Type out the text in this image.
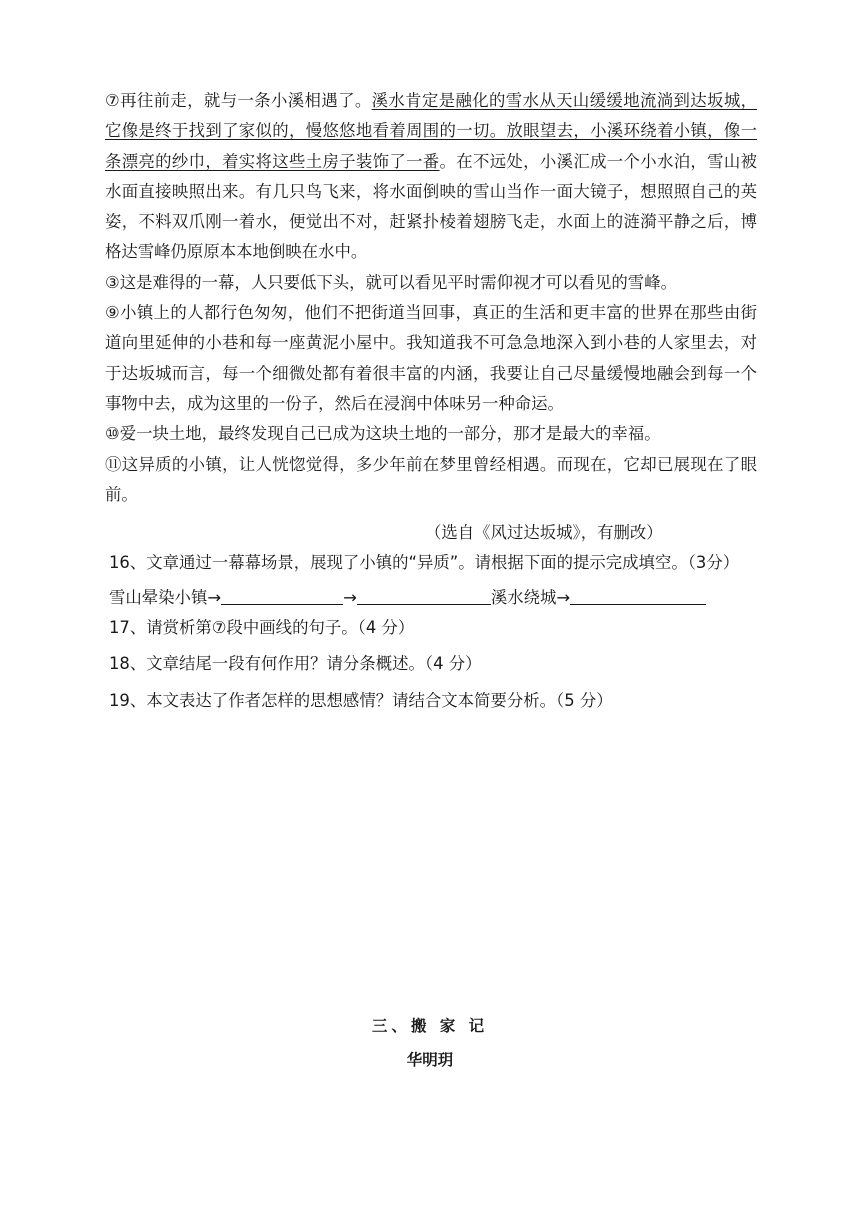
⑦再往前走，就与一条小溪相遇了。溪水肯定是融化的雪水从天山缓缓地流淌到达坂城，它像是终于找到了家似的，慢悠悠地看着周围的一切。放眼望去，小溪环绕着小镇，像一条漂亮的纱巾，着实将这些土房子装饰了一番。在不远处，小溪汇成一个小水泊，雪山被水面直接映照出来。有几只鸟飞来，将水面倒映的雪山当作一面大镜子，想照照自己的英姿，不料双爪刚一着水，便觉出不对，赶紧扑棱着翅膀飞走，水面上的涟漪平静之后，博格达雪峰仍原原本本地倒映在水中。

③这是难得的一幕，人只要低下头，就可以看见平时需仰视才可以看见的雪峰。

⑨小镇上的人都行色匆匆，他们不把街道当回事，真正的生活和更丰富的世界在那些由街道向里延伸的小巷和每一座黄泥小屋中。我知道我不可急急地深入到小巷的人家里去，对于达坂城而言，每一个细微处都有着很丰富的内涵，我要让自己尽量缓慢地融会到每一个事物中去，成为这里的一份子，然后在浸润中体味另一种命运。

⑩爱一块土地，最终发现自己已成为这块土地的一部分，那才是最大的幸福。

⑪这异质的小镇，让人恍惚觉得，多少年前在梦里曾经相遇。而现在，它却已展现在了眼前。

（选自《风过达坂城》，有删改）

16、文章通过一幕幕场景，展现了小镇的“异质”。请根据下面的提示完成填空。（3分）

雪山晕染小镇→	→	溪水绕城→

17、请赏析第⑦段中画线的句子。（4 分）

18、文章结尾一段有何作用？请分条概述。（4 分）

19、本文表达了作者怎样的思想感情？请结合文本简要分析。（5 分）

三、搬 家 记
华明玥
